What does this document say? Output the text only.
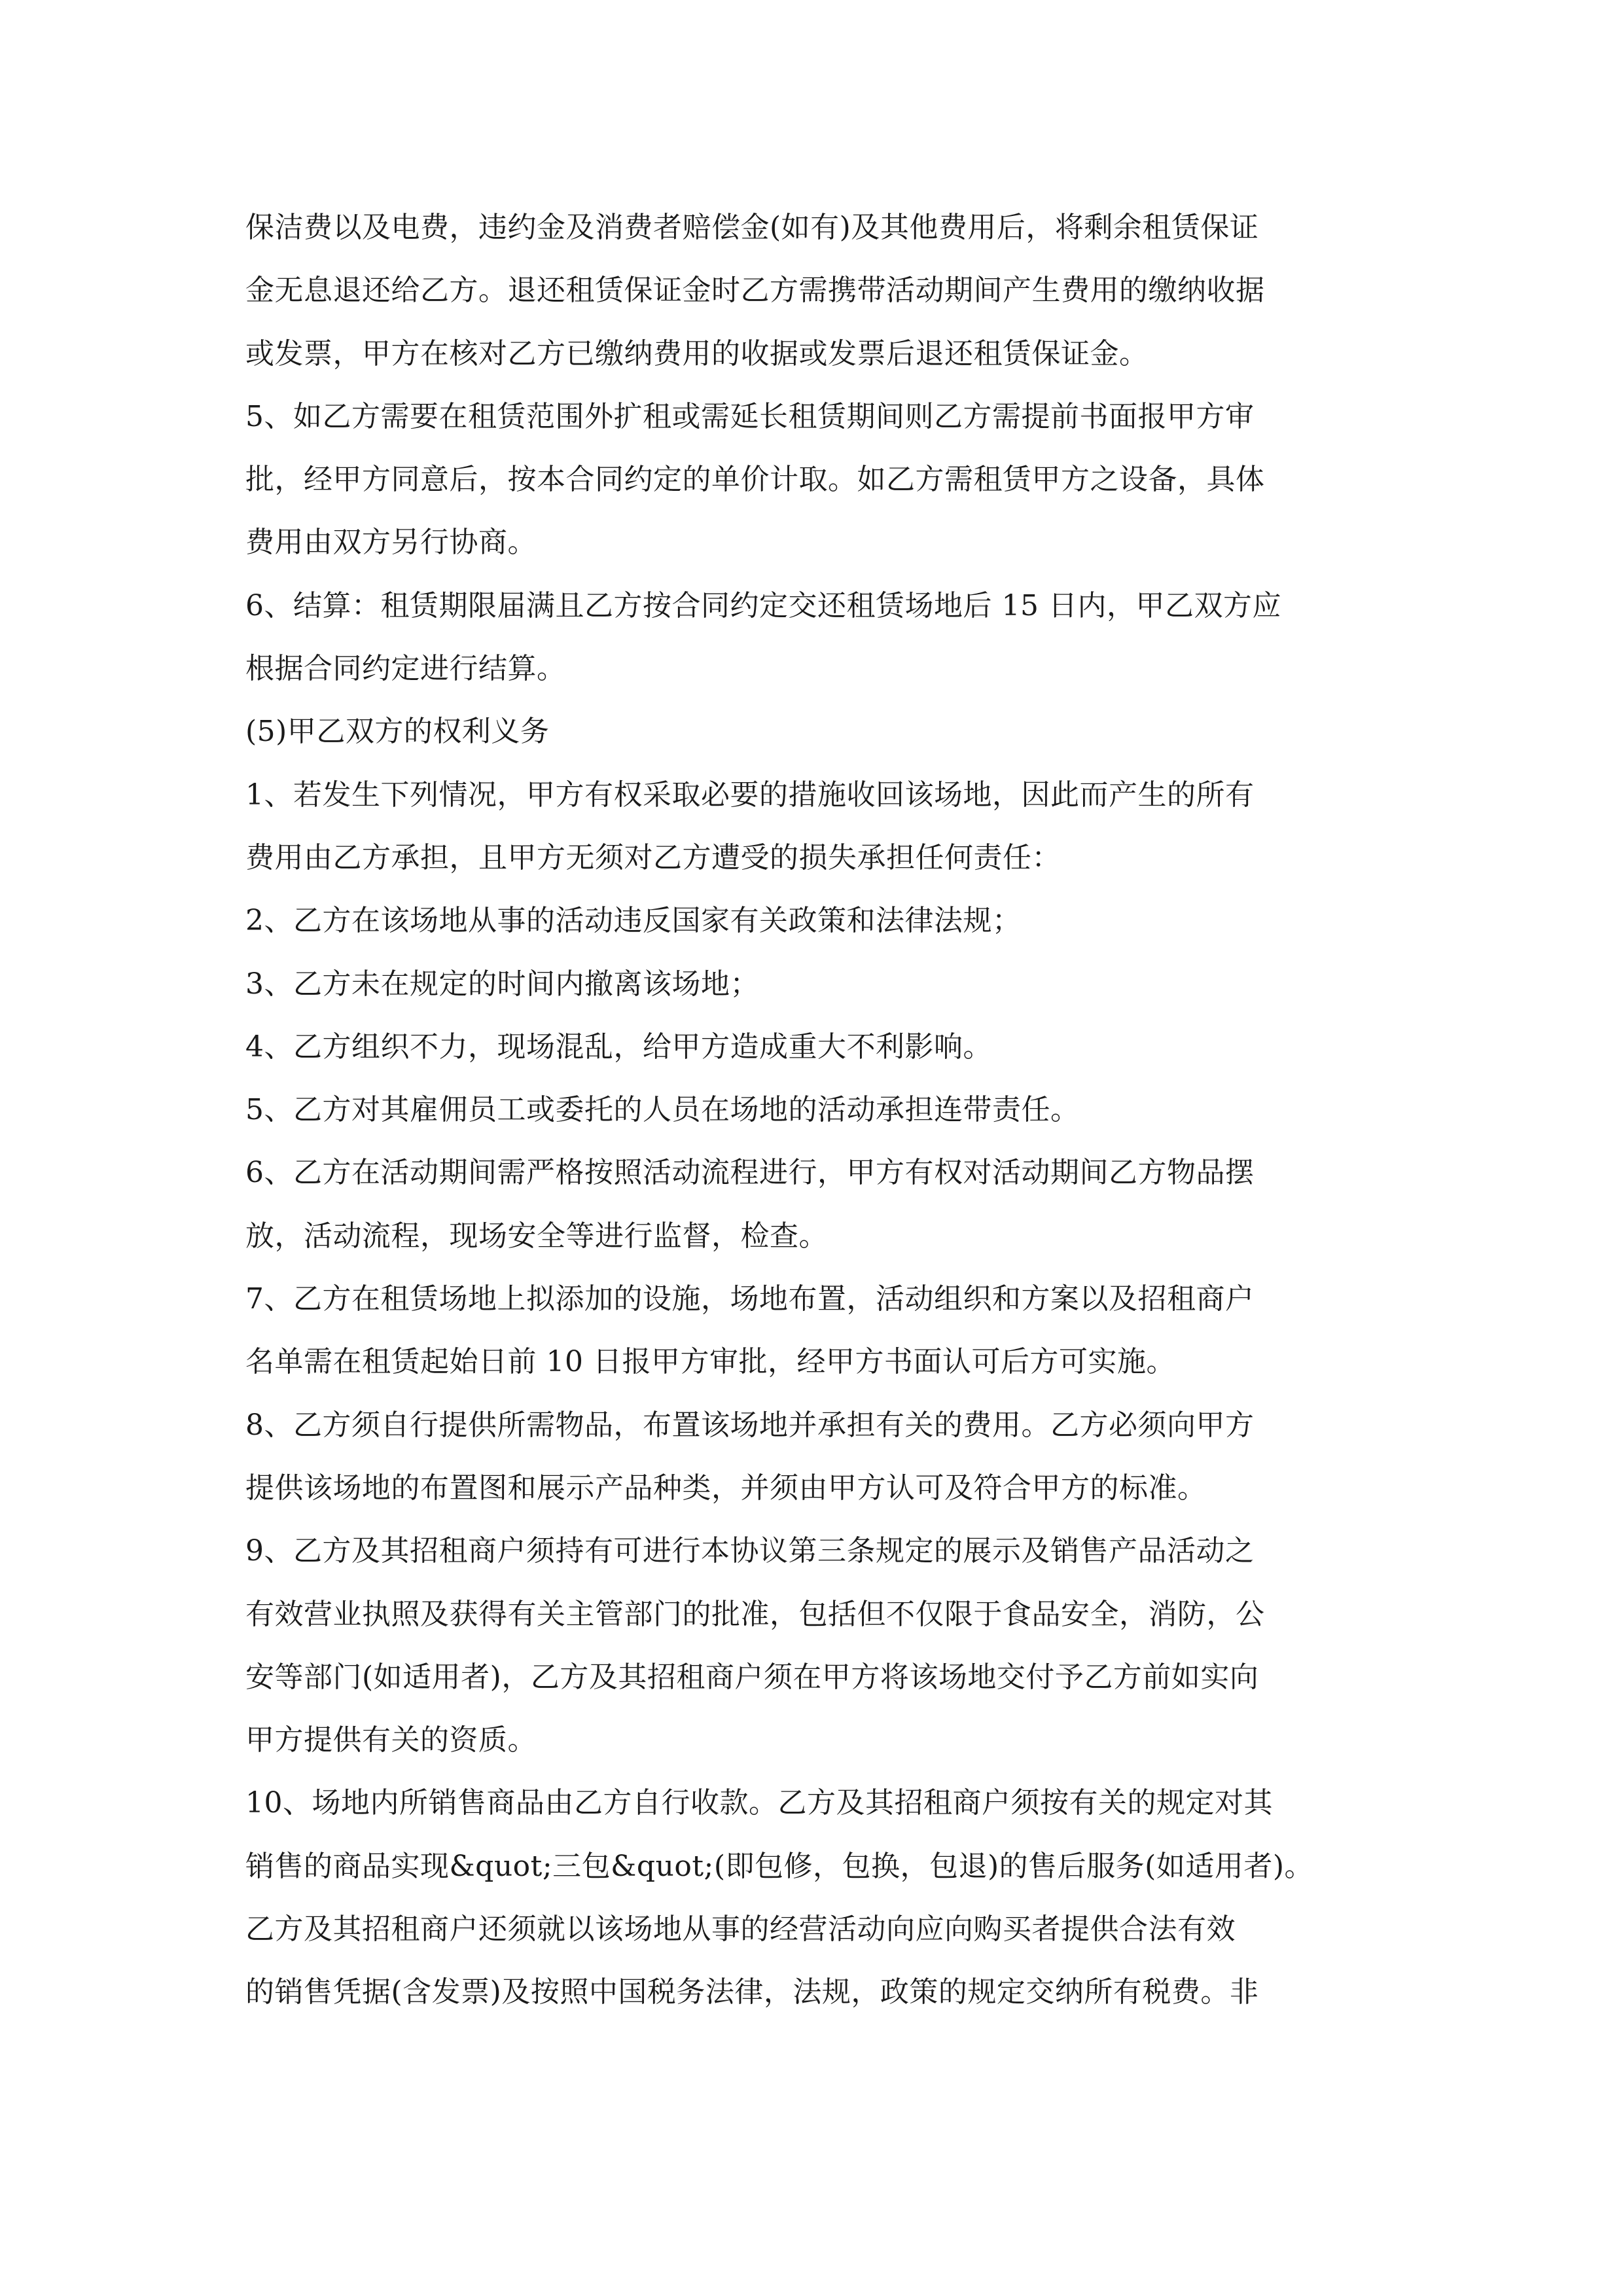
保洁费以及电费，违约金及消费者赔偿金(如有)及其他费用后，将剩余租赁保证
金无息退还给乙方。退还租赁保证金时乙方需携带活动期间产生费用的缴纳收据
或发票，甲方在核对乙方已缴纳费用的收据或发票后退还租赁保证金。
5、如乙方需要在租赁范围外扩租或需延长租赁期间则乙方需提前书面报甲方审
批，经甲方同意后，按本合同约定的单价计取。如乙方需租赁甲方之设备，具体
费用由双方另行协商。
6、结算：租赁期限届满且乙方按合同约定交还租赁场地后 15 日内，甲乙双方应
根据合同约定进行结算。
(5)甲乙双方的权利义务
1、若发生下列情况，甲方有权采取必要的措施收回该场地，因此而产生的所有
费用由乙方承担，且甲方无须对乙方遭受的损失承担任何责任：
2、乙方在该场地从事的活动违反国家有关政策和法律法规；
3、乙方未在规定的时间内撤离该场地；
4、乙方组织不力，现场混乱，给甲方造成重大不利影响。
5、乙方对其雇佣员工或委托的人员在场地的活动承担连带责任。
6、乙方在活动期间需严格按照活动流程进行，甲方有权对活动期间乙方物品摆
放，活动流程，现场安全等进行监督，检查。
7、乙方在租赁场地上拟添加的设施，场地布置，活动组织和方案以及招租商户
名单需在租赁起始日前 10 日报甲方审批，经甲方书面认可后方可实施。
8、乙方须自行提供所需物品，布置该场地并承担有关的费用。乙方必须向甲方
提供该场地的布置图和展示产品种类，并须由甲方认可及符合甲方的标准。
9、乙方及其招租商户须持有可进行本协议第三条规定的展示及销售产品活动之
有效营业执照及获得有关主管部门的批准，包括但不仅限于食品安全，消防，公
安等部门(如适用者)，乙方及其招租商户须在甲方将该场地交付予乙方前如实向
甲方提供有关的资质。
10、场地内所销售商品由乙方自行收款。乙方及其招租商户须按有关的规定对其
销售的商品实现&quot;三包&quot;(即包修，包换，包退)的售后服务(如适用者)。
乙方及其招租商户还须就以该场地从事的经营活动向应向购买者提供合法有效
的销售凭据(含发票)及按照中国税务法律，法规，政策的规定交纳所有税费。非
